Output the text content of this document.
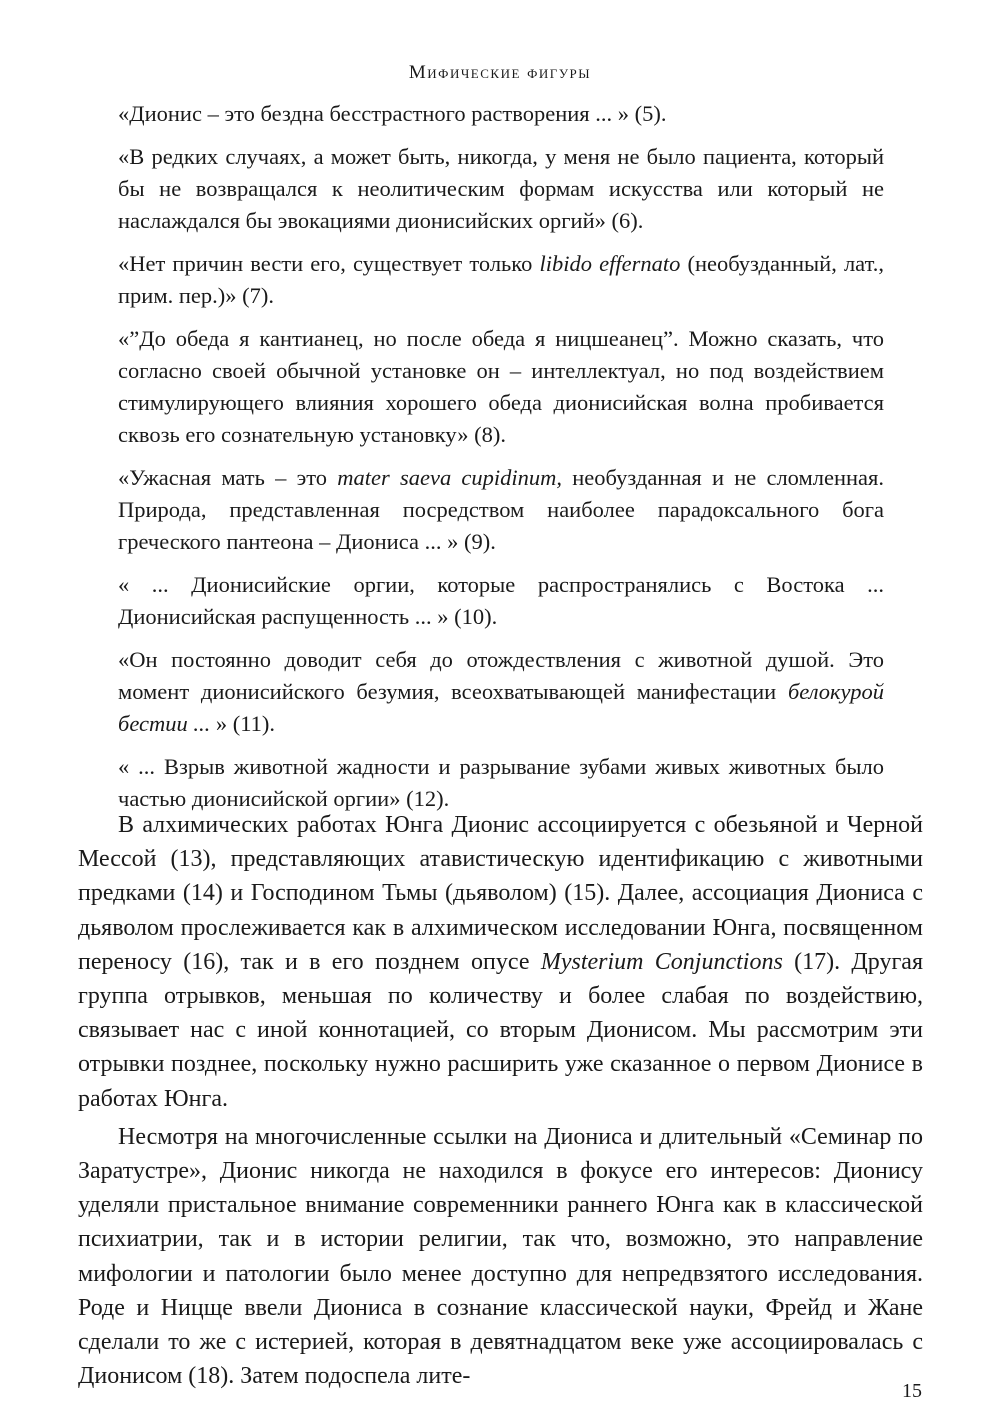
Мифические фигуры

«Дионис – это бездна бесстрастного растворения ... » (5).

«В редких случаях, а может быть, никогда, у меня не было пациента, который бы не возвращался к неолитическим формам искусства или который не наслаждался бы эвокациями дионисийских оргий» (6).

«Нет причин вести его, существует только libido effernato (необузданный, лат., прим. пер.)» (7).

«”До обеда я кантианец, но после обеда я ницшеанец”. Можно сказать, что согласно своей обычной установке он – интеллектуал, но под воздействием стимулирующего влияния хорошего обеда дионисийская волна пробивается сквозь его сознательную установку» (8).

«Ужасная мать – это mater saeva cupidinum, необузданная и не сломленная. Природа, представленная посредством наиболее парадоксального бога греческого пантеона – Диониса ... » (9).

« ... Дионисийские оргии, которые распространялись с Востока ... Дионисийская распущенность ... » (10).

«Он постоянно доводит себя до отождествления с животной душой. Это момент дионисийского безумия, всеохватывающей манифестации белокурой бестии ... » (11).

« ... Взрыв животной жадности и разрывание зубами живых животных было частью дионисийской оргии» (12).

В алхимических работах Юнга Дионис ассоциируется с обезьяной и Черной Мессой (13), представляющих атавистическую идентификацию с животными предками (14) и Господином Тьмы (дьяволом) (15). Далее, ассоциация Диониса с дьяволом прослеживается как в алхимическом исследовании Юнга, посвященном переносу (16), так и в его позднем опусе Mysterium Conjunctions (17). Другая группа отрывков, меньшая по количеству и более слабая по воздействию, связывает нас с иной коннотацией, со вторым Дионисом. Мы рассмотрим эти отрывки позднее, поскольку нужно расширить уже сказанное о первом Дионисе в работах Юнга.

Несмотря на многочисленные ссылки на Диониса и длительный «Семинар по Заратустре», Дионис никогда не находился в фокусе его интересов: Дионису уделяли пристальное внимание современники раннего Юнга как в классической психиатрии, так и в истории религии, так что, возможно, это направление мифологии и патологии было менее доступно для непредвзятого исследования. Роде и Ницще ввели Диониса в сознание классической науки, Фрейд и Жане сделали то же с истерией, которая в девятнадцатом веке уже ассоциировалась с Дионисом (18). Затем подоспела лите-

15
